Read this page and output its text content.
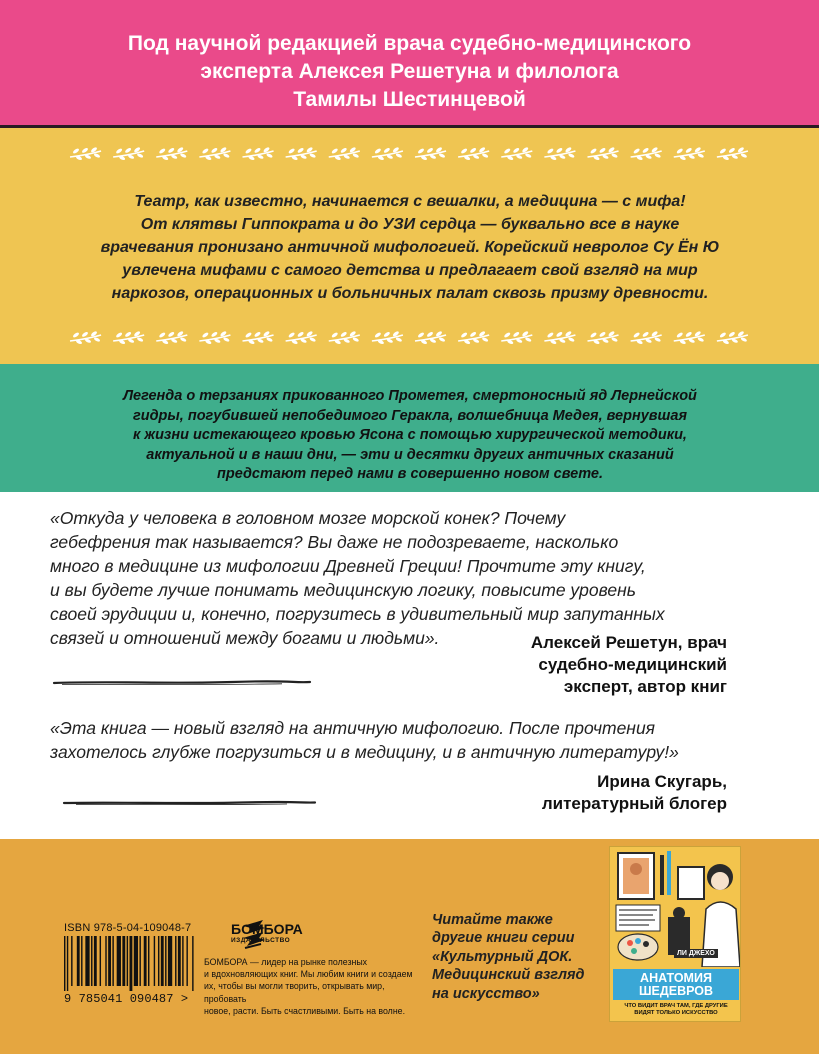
Под научной редакцией врача судебно-медицинского
эксперта Алексея Решетуна и филолога
Тамилы Шестинцевой
Театр, как известно, начинается с вешалки, а медицина — с мифа!
От клятвы Гиппократа и до УЗИ сердца — буквально все в науке
врачевания пронизано античной мифологией. Корейский невролог Су Ён Ю
увлечена мифами с самого детства и предлагает свой взгляд на мир
наркозов, операционных и больничных палат сквозь призму древности.
Легенда о терзаниях прикованного Прометея, смертоносный яд Лернейской
гидры, погубившей непобедимого Геракла, волшебница Медея, вернувшая
к жизни истекающего кровью Ясона с помощью хирургической методики,
актуальной и в наши дни, — эти и десятки других античных сказаний
предстают перед нами в совершенно новом свете.
«Откуда у человека в головном мозге морской конек? Почему
гебефрения так называется? Вы даже не подозреваете, насколько
много в медицине из мифологии Древней Греции! Прочтите эту книгу,
и вы будете лучше понимать медицинскую логику, повысите уровень
своей эрудиции и, конечно, погрузитесь в удивительный мир запутанных
связей и отношений между богами и людьми».	Алексей Решетун, врач
судебно-медицинский
эксперт, автор книг
«Эта книга — новый взгляд на античную мифологию. После прочтения
захотелось глубже погрузиться и в медицину, и в античную литературу!»
Ирина Скугарь,
литературный блогер
ISBN 978-5-04-109048-7
9 785041 090487 >
БОМБОРА
ИЗДАТЕЛЬСТВО
БОМБОРА — лидер на рынке полезных
и вдохновляющих книг. Мы любим книги и создаем
их, чтобы вы могли творить, открывать мир, пробовать
новое, расти. Быть счастливыми. Быть на волне.
Читайте также
другие книги серии
«Культурный ДОК.
Медицинский взгляд
на искусство»
ЛИ ДЖЕХО
АНАТОМИЯ
ШЕДЕВРОВ
ЧТО ВИДИТ ВРАЧ ТАМ, ГДЕ ДРУГИЕ
ВИДЯТ ТОЛЬКО ИСКУССТВО
